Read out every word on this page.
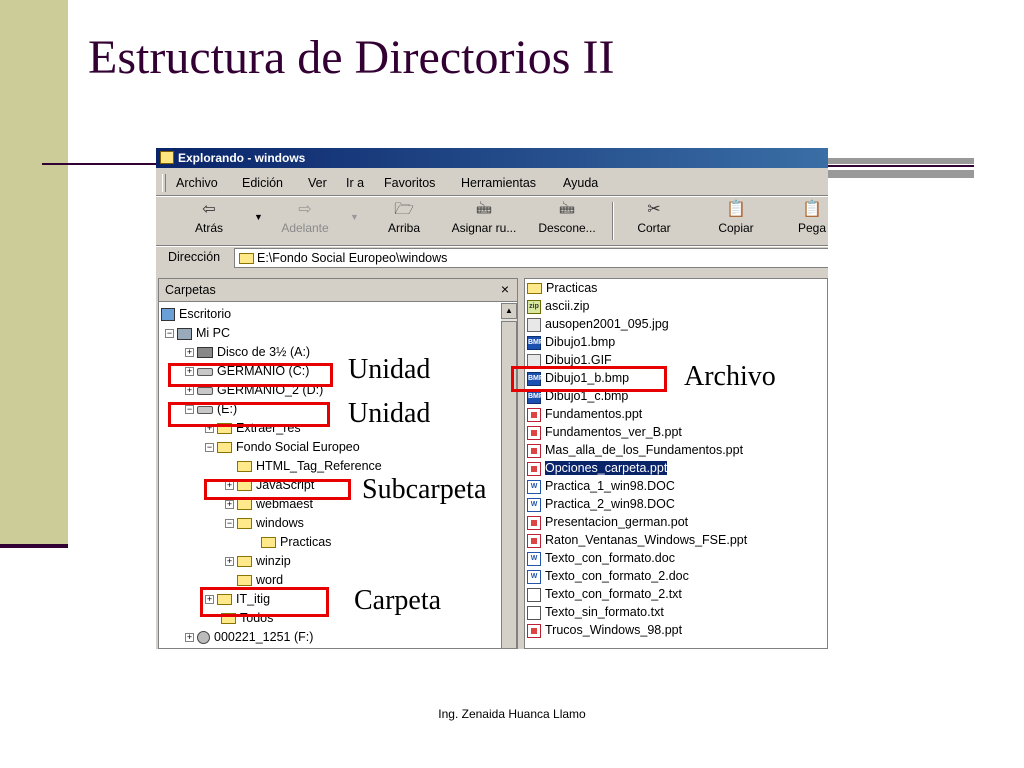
Estructura de Directorios II
Explorando - windows
Archivo Edición Ver Ir a Favoritos Herramientas Ayuda
⇦
Atrás
▼	⇨
Adelante
▼	🗁
Arriba
🖮
Asignar ru...
🖮
Descone...
✂
Cortar
📋
Copiar
📋
Pega
Dirección	E:\Fondo Social Europeo\windows
Carpetas	×
▲
Escritorio
− Mi PC
+ Disco de 3½ (A:)
+ GERMANIO (C:)
+ GERMANIO_2 (D:)
− (E:)
+ Extraer_res
− Fondo Social Europeo
HTML_Tag_Reference
+ JavaScript
+ webmaest
− windows
Practicas
+ winzip
word
+ IT_itig
Todos
+ 000221_1251 (F:)
Practicas
zip ascii.zip
ausopen2001_095.jpg
BMPDibujo1.bmp
Dibujo1.GIF
BMPDibujo1_b.bmp
BMPDibujo1_c.bmp
Fundamentos.ppt
Fundamentos_ver_B.ppt
Mas_alla_de_los_Fundamentos.ppt
Opciones_carpeta.ppt
W Practica_1_win98.DOC
W Practica_2_win98.DOC
Presentacion_german.pot
Raton_Ventanas_Windows_FSE.ppt
W Texto_con_formato.doc
W Texto_con_formato_2.doc
Texto_con_formato_2.txt
Texto_sin_formato.txt
Trucos_Windows_98.ppt
Unidad
Unidad
Archivo
Subcarpeta
Carpeta
Ing. Zenaida Huanca Llamo
